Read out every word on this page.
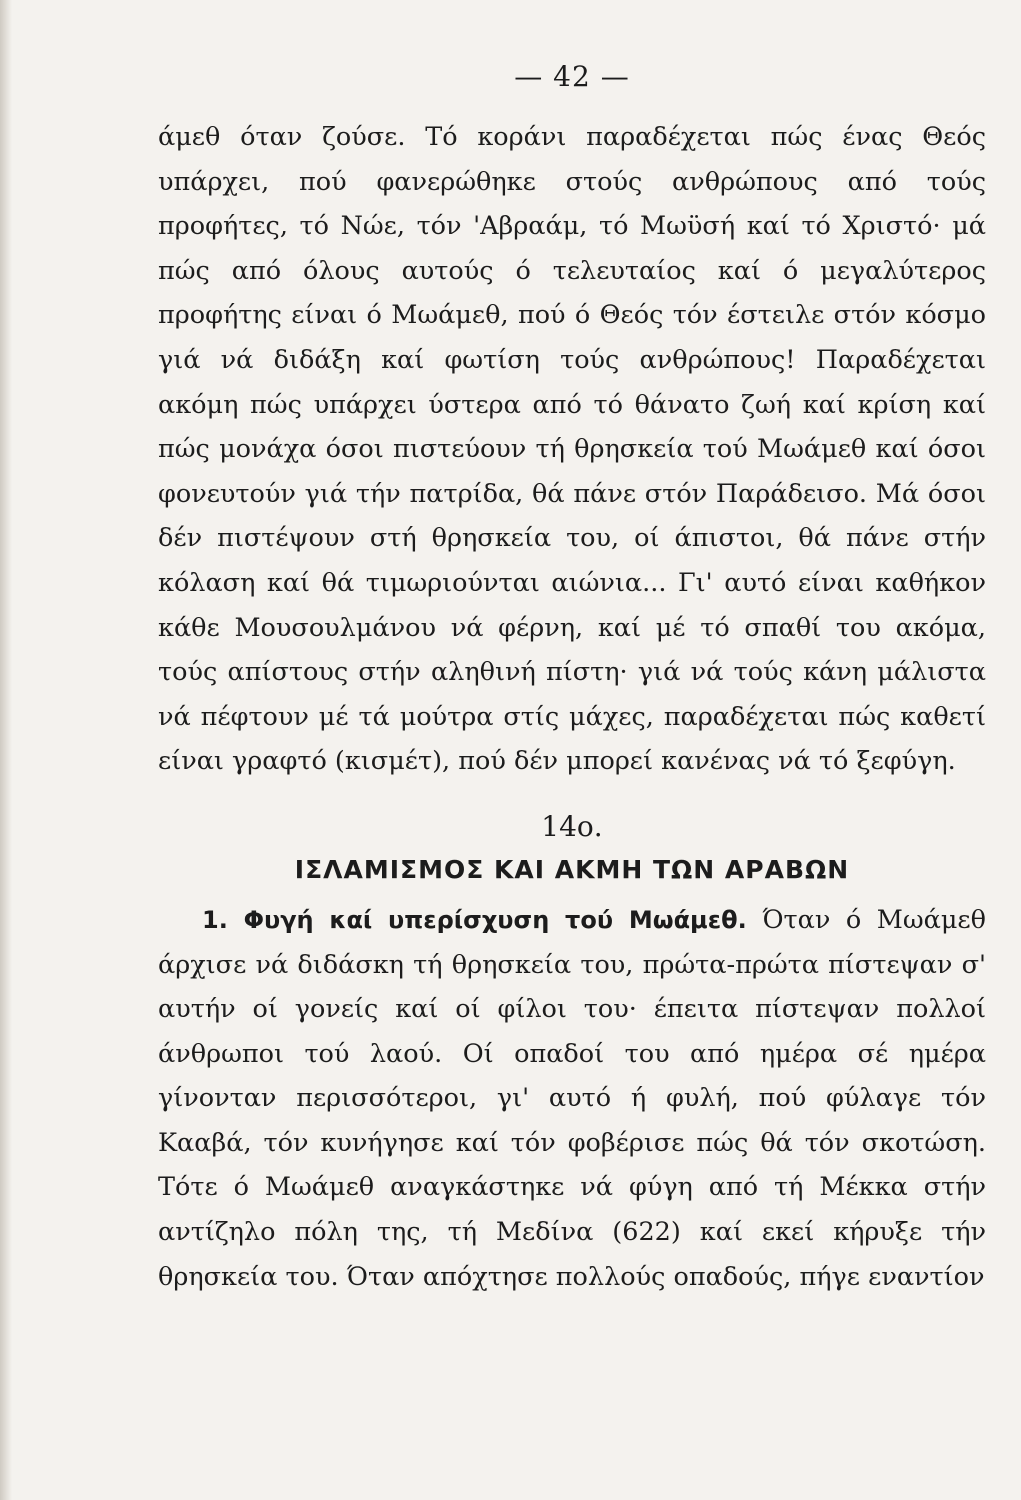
— 42 —

άμεθ όταν ζούσε. Τό κοράνι παραδέχεται πώς ένας Θεός υπάρχει, πού φανερώθηκε στούς ανθρώπους από τούς προφήτες, τό Νώε, τόν 'Αβραάμ, τό Μωϋσή καί τό Χριστό· μά πώς από όλους αυτούς ό τελευταίος καί ό μεγαλύτερος προφήτης είναι ό Μωάμεθ, πού ό Θεός τόν έστειλε στόν κόσμο γιά νά διδάξη καί φωτίση τούς ανθρώπους! Παραδέχεται ακόμη πώς υπάρχει ύστερα από τό θάνατο ζωή καί κρίση καί πώς μονάχα όσοι πιστεύουν τή θρησκεία τού Μωάμεθ καί όσοι φονευτούν γιά τήν πατρίδα, θά πάνε στόν Παράδεισο. Μά όσοι δέν πιστέψουν στή θρησκεία του, οί άπιστοι, θά πάνε στήν κόλαση καί θά τιμωριούνται αιώνια... Γι' αυτό είναι καθήκον κάθε Μουσουλμάνου νά φέρνη, καί μέ τό σπαθί του ακόμα, τούς απίστους στήν αληθινή πίστη· γιά νά τούς κάνη μάλιστα νά πέφτουν μέ τά μούτρα στίς μάχες, παραδέχεται πώς καθετί είναι γραφτό (κισμέτ), πού δέν μπορεί κανένας νά τό ξεφύγη.

14ο.
ΙΣΛΑΜΙΣΜΟΣ ΚΑΙ ΑΚΜΗ ΤΩΝ ΑΡΑΒΩΝ

1. Φυγή καί υπερίσχυση τού Μωάμεθ. Όταν ό Μωάμεθ άρχισε νά διδάσκη τή θρησκεία του, πρώτα-πρώτα πίστεψαν σ' αυτήν οί γονείς καί οί φίλοι του· έπειτα πίστεψαν πολλοί άνθρωποι τού λαού. Οί οπαδοί του από ημέρα σέ ημέρα γίνονταν περισσότεροι, γι' αυτό ή φυλή, πού φύλαγε τόν Κααβά, τόν κυνήγησε καί τόν φοβέρισε πώς θά τόν σκοτώση. Τότε ό Μωάμεθ αναγκάστηκε νά φύγη από τή Μέκκα στήν αντίζηλο πόλη της, τή Μεδίνα (622) καί εκεί κήρυξε τήν θρησκεία του. Όταν απόχτησε πολλούς οπαδούς, πήγε εναντίον
